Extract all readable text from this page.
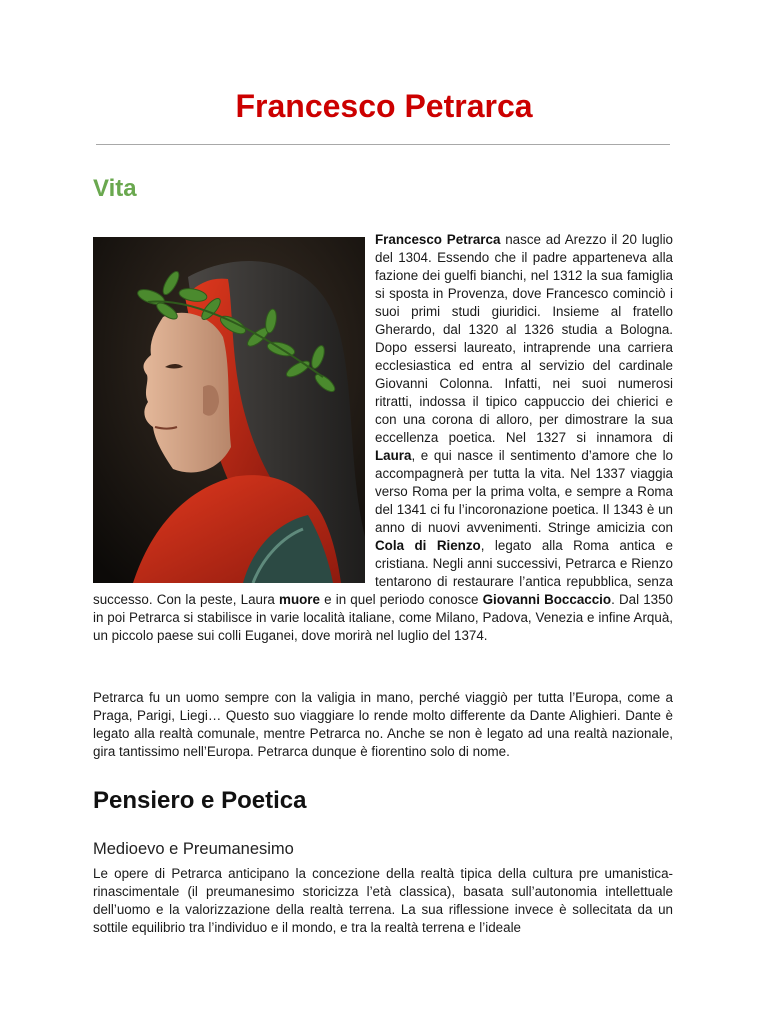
Francesco Petrarca
Vita
Francesco Petrarca nasce ad Arezzo il 20 luglio del 1304. Essendo che il padre apparteneva alla fazione dei guelfi bianchi, nel 1312 la sua famiglia si sposta in Provenza, dove Francesco cominciò i suoi primi studi giuridici. Insieme al fratello Gherardo, dal 1320 al 1326 studia a Bologna. Dopo essersi laureato, intraprende una carriera ecclesiastica ed entra al servizio del cardinale Giovanni Colonna. Infatti, nei suoi numerosi ritratti, indossa il tipico cappuccio dei chierici e con una corona di alloro, per dimostrare la sua eccellenza poetica. Nel 1327 si innamora di Laura, e qui nasce il sentimento d’amore che lo accompagnerà per tutta la vita. Nel 1337 viaggia verso Roma per la prima volta, e sempre a Roma del 1341 ci fu l’incoronazione poetica. Il 1343 è un anno di nuovi avvenimenti. Stringe amicizia con Cola di Rienzo, legato alla Roma antica e cristiana. Negli anni successivi, Petrarca e Rienzo tentarono di restaurare l’antica repubblica, senza successo. Con la peste, Laura muore e in quel periodo conosce Giovanni Boccaccio. Dal 1350 in poi Petrarca si stabilisce in varie località italiane, come Milano, Padova, Venezia e infine Arquà, un piccolo paese sui colli Euganei, dove morirà nel luglio del 1374.

Petrarca fu un uomo sempre con la valigia in mano, perché viaggiò per tutta l’Europa, come a Praga, Parigi, Liegi… Questo suo viaggiare lo rende molto differente da Dante Alighieri. Dante è legato alla realtà comunale, mentre Petrarca no. Anche se non è legato ad una realtà nazionale, gira tantissimo nell’Europa. Petrarca dunque è fiorentino solo di nome.

Pensiero e Poetica
Medioevo e Preumanesimo

Le opere di Petrarca anticipano la concezione della realtà tipica della cultura pre umanistica-rinascimentale (il preumanesimo storicizza l’età classica), basata sull’autonomia intellettuale dell’uomo e la valorizzazione della realtà terrena. La sua riflessione invece è sollecitata da un sottile equilibrio tra l’individuo e il mondo, e tra la realtà terrena e l’ideale
